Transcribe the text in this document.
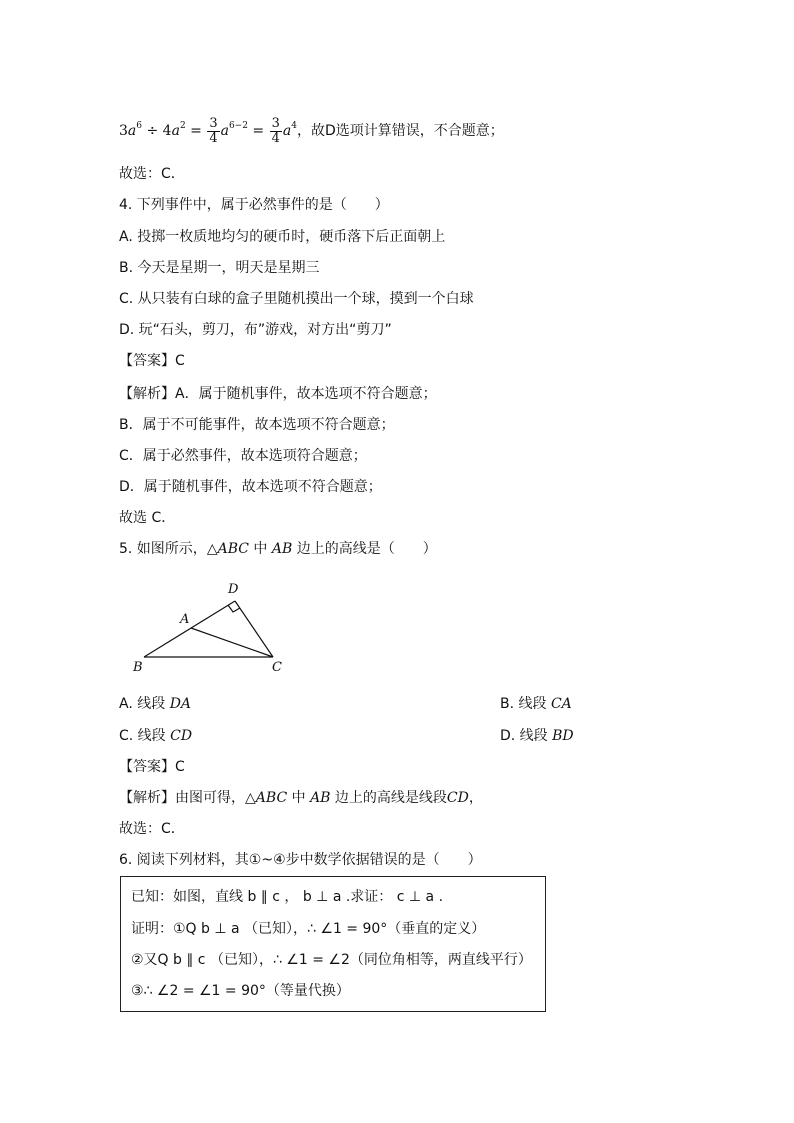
$3a^6 \div 4a^2 = \frac{3}{4} a^{6-2} = \frac{3}{4} a^4$，故D选项计算错误，不合题意；
故选：C．
4. 下列事件中，属于必然事件的是（　　）
A. 投掷一枚质地均匀的硬币时，硬币落下后正面朝上
B. 今天是星期一，明天是星期三
C. 从只装有白球的盒子里随机摸出一个球，摸到一个白球
D. 玩“石头，剪刀，布”游戏，对方出“剪刀”
【答案】C
【解析】A．属于随机事件，故本选项不符合题意；
B．属于不可能事件，故本选项不符合题意；
C．属于必然事件，故本选项符合题意；
D．属于随机事件，故本选项不符合题意；
故选 C．
5. 如图所示，△ABC 中 AB 边上的高线是（　　）
D
A
B	C
A. 线段 DA	B. 线段 CA
C. 线段 CD	D. 线段 BD
【答案】C
【解析】由图可得，△ABC 中 AB 边上的高线是线段CD，
故选：C．
6. 阅读下列材料，其①~④步中数学依据错误的是（　　）
已知：如图，直线 b ∥ c ， b ⊥ a .求证： c ⊥ a .
证明：①Q b ⊥ a （已知），∴ ∠1 = 90°（垂直的定义）
②又Q b ∥ c （已知），∴ ∠1 = ∠2（同位角相等，两直线平行）
③∴ ∠2 = ∠1 = 90°（等量代换）
